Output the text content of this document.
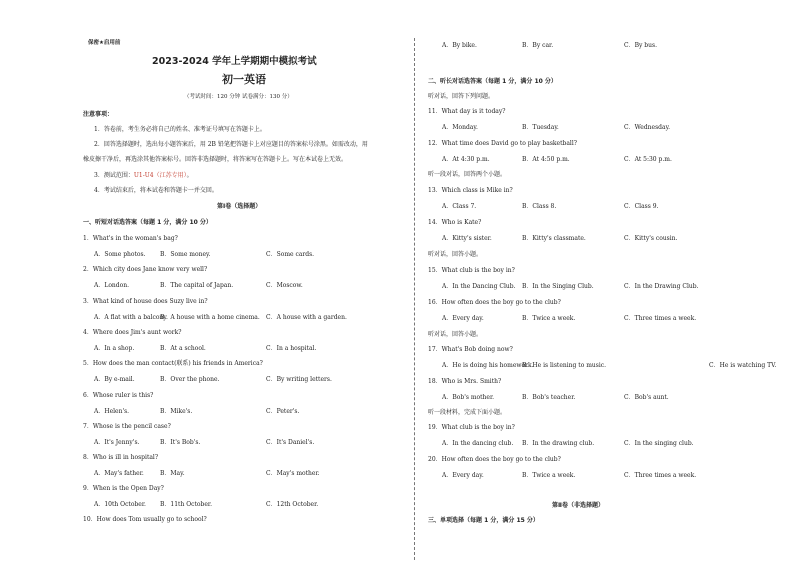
保密★启用前
2023-2024 学年上学期期中模拟考试
初一英语
（考试时间：120 分钟 试卷满分：130 分）
注意事项：
1．答卷前，考生务必将自己的姓名、准考证号填写在答题卡上。
2．回答选择题时，选出每小题答案后，用 2B 铅笔把答题卡上对应题目的答案标号涂黑。如需改动，用
橡皮擦干净后，再选涂其他答案标号。回答非选择题时，将答案写在答题卡上。写在本试卷上无效。
3．测试范围：U1-U4（江苏专用）。
4．考试结束后，将本试卷和答题卡一并交回。
第Ⅰ卷（选择题）
一、听短对话选答案（每题 1 分，满分 10 分）
1．What's in the woman's bag?
A．Some photos. B．Some money.	C．Some cards.
2．Which city does Jane know very well?
A．London.	B．The capital of Japan.	C．Moscow.
3．What kind of house does Suzy live in?
A．A flat with a balcony.
B．A house with a home cinema. C．A house with a garden.
4．Where does Jim's aunt work?
A．In a shop.	B．At a school.	C．In a hospital.
5．How does the man contact(联系) his friends in America?
A．By e-mail.	B．Over the phone.	C．By writing letters.
6．Whose ruler is this?
A．Helen's.	B．Mike's.	C．Peter's.
7．Whose is the pencil case?
A．It's Jenny's.	B．It's Bob's.	C．It's Daniel's.
8．Who is ill in hospital?
A．May's father.	B．May.	C．May's mother.
9．When is the Open Day?
A．10th October. B．11th October.	C．12th October.
10．How does Tom usually go to school?
A．By bike.	B．By car.	C．By bus.
二、听长对话选答案（每题 1 分，满分 10 分）
听对话，回答下列问题。
11．What day is it today?
A．Monday.	B．Tuesday.	C．Wednesday.
12．What time does David go to play basketball?
A．At 4:30 p.m.	B．At 4:50 p.m.	C．At 5:30 p.m.
听一段对话，回答两个小题。
13．Which class is Mike in?
A．Class 7.	B．Class 8.	C．Class 9.
14．Who is Kate?
A．Kitty's sister.	B．Kitty's classmate.	C．Kitty's cousin.
听对话，回答小题。
15．What club is the boy in?
A．In the Dancing Club. B．In the Singing Club.	C．In the Drawing Club.
16．How often does the boy go to the club?
A．Every day.	B．Twice a week.	C．Three times a week.
听对话，回答小题。
17．What's Bob doing now?
A．He is doing his homework.
B．He is listening to music.	C．He is watching TV.
18．Who is Mrs. Smith?
A．Bob's mother.	B．Bob's teacher.	C．Bob's aunt.
听一段材料，完成下面小题。
19．What club is the boy in?
A．In the dancing club. B．In the drawing club.	C．In the singing club.
20．How often does the boy go to the club?
A．Every day.	B．Twice a week.	C．Three times a week.
第Ⅱ卷（非选择题）
三、单项选择（每题 1 分，满分 15 分）
